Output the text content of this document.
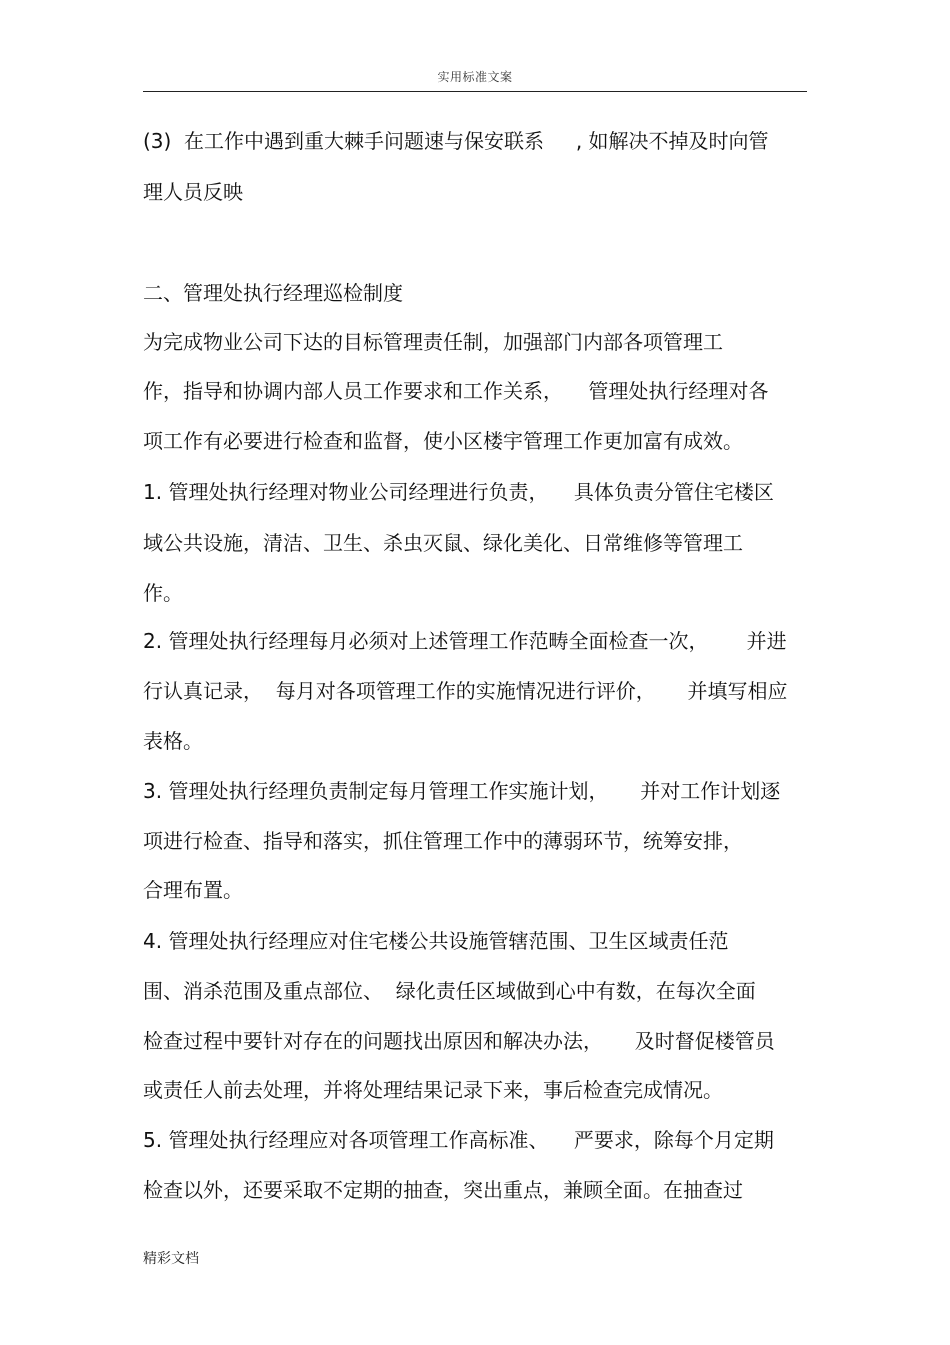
实用标准文案
(3)  在工作中遇到重大棘手问题速与保安联系     , 如解决不掉及时向管
理人员反映
二、管理处执行经理巡检制度
为完成物业公司下达的目标管理责任制，加强部门内部各项管理工
作，指导和协调内部人员工作要求和工作关系，    管理处执行经理对各
项工作有必要进行检查和监督，使小区楼宇管理工作更加富有成效。
1. 管理处执行经理对物业公司经理进行负责，    具体负责分管住宅楼区
域公共设施，清洁、卫生、杀虫灭鼠、绿化美化、日常维修等管理工
作。
2. 管理处执行经理每月必须对上述管理工作范畴全面检查一次，      并进
行认真记录，  每月对各项管理工作的实施情况进行评价，     并填写相应
表格。
3. 管理处执行经理负责制定每月管理工作实施计划，     并对工作计划逐
项进行检查、指导和落实，抓住管理工作中的薄弱环节，统筹安排，
合理布置。
4. 管理处执行经理应对住宅楼公共设施管辖范围、卫生区域责任范
围、消杀范围及重点部位、  绿化责任区域做到心中有数，在每次全面
检查过程中要针对存在的问题找出原因和解决办法，     及时督促楼管员
或责任人前去处理，并将处理结果记录下来，事后检查完成情况。
5. 管理处执行经理应对各项管理工作高标准、    严要求，除每个月定期
检查以外，还要采取不定期的抽查，突出重点，兼顾全面。在抽查过
精彩文档
